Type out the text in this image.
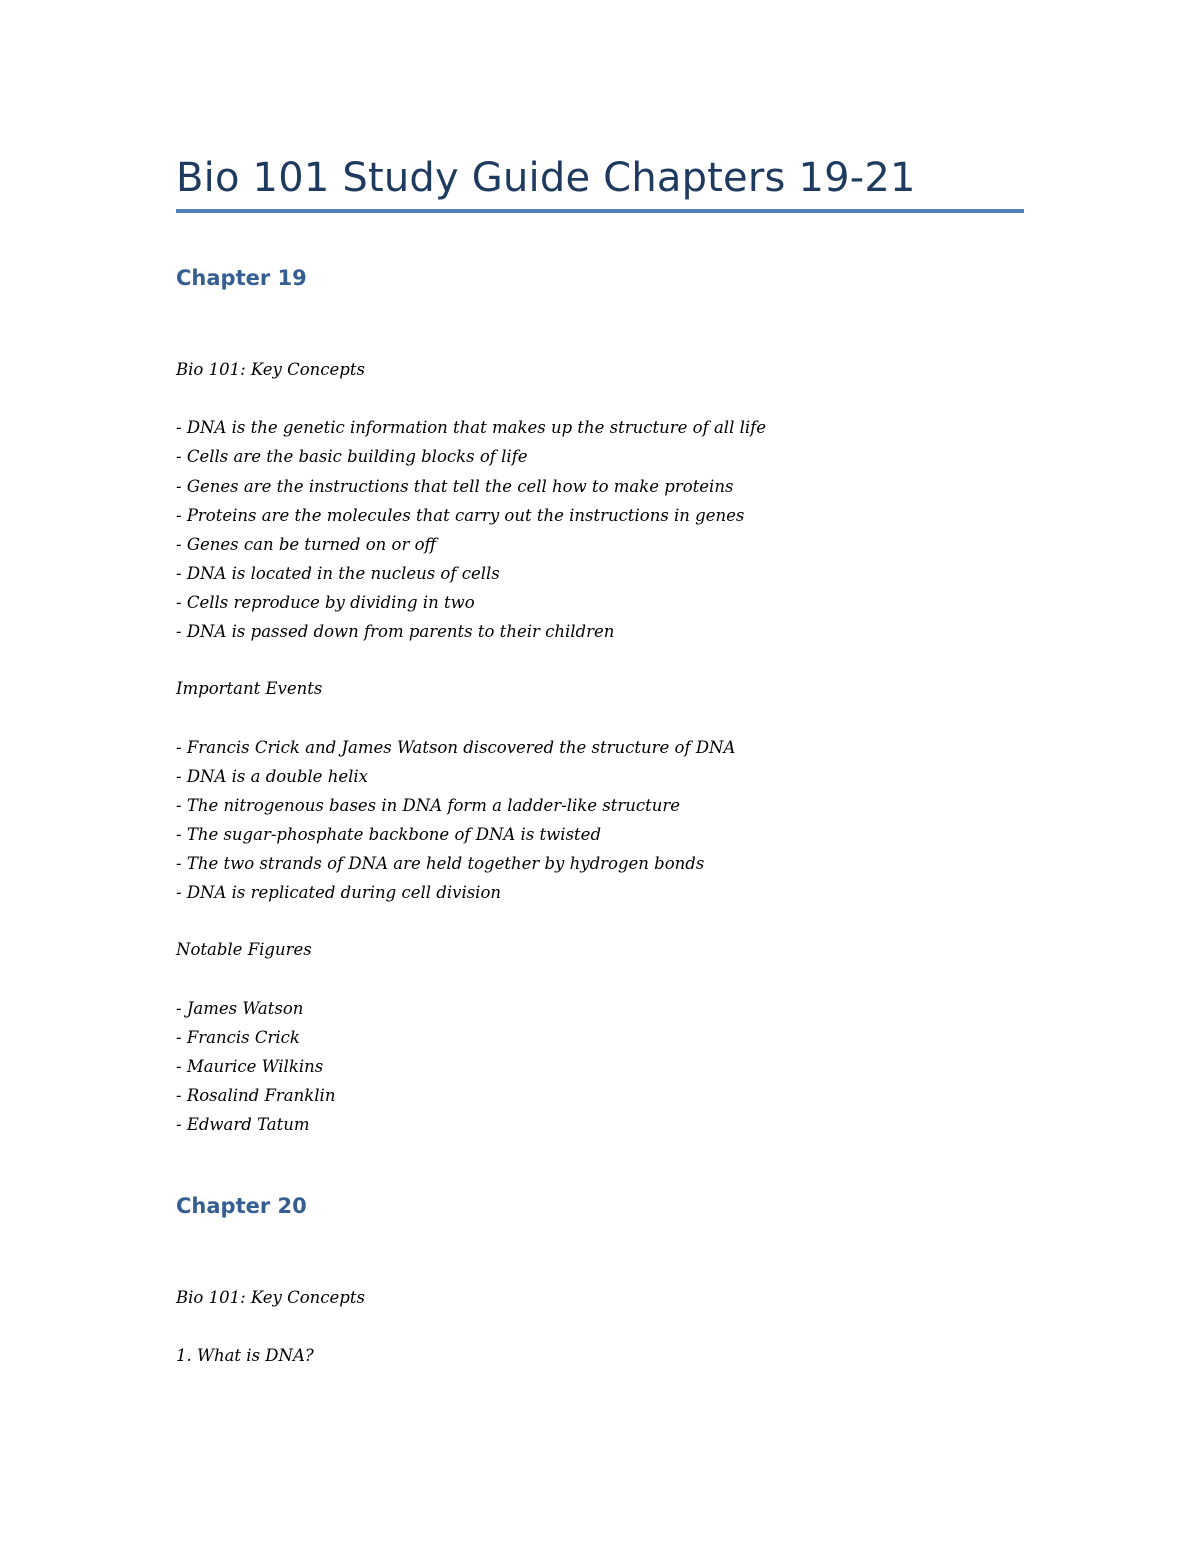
Bio 101 Study Guide Chapters 19-21
Chapter 19

Bio 101: Key Concepts

- DNA is the genetic information that makes up the structure of all life

- Cells are the basic building blocks of life

- Genes are the instructions that tell the cell how to make proteins

- Proteins are the molecules that carry out the instructions in genes

- Genes can be turned on or off

- DNA is located in the nucleus of cells

- Cells reproduce by dividing in two

- DNA is passed down from parents to their children

Important Events

- Francis Crick and James Watson discovered the structure of DNA

- DNA is a double helix

- The nitrogenous bases in DNA form a ladder-like structure

- The sugar-phosphate backbone of DNA is twisted

- The two strands of DNA are held together by hydrogen bonds

- DNA is replicated during cell division

Notable Figures

- James Watson

- Francis Crick

- Maurice Wilkins

- Rosalind Franklin

- Edward Tatum

Chapter 20

Bio 101: Key Concepts

1. What is DNA?
